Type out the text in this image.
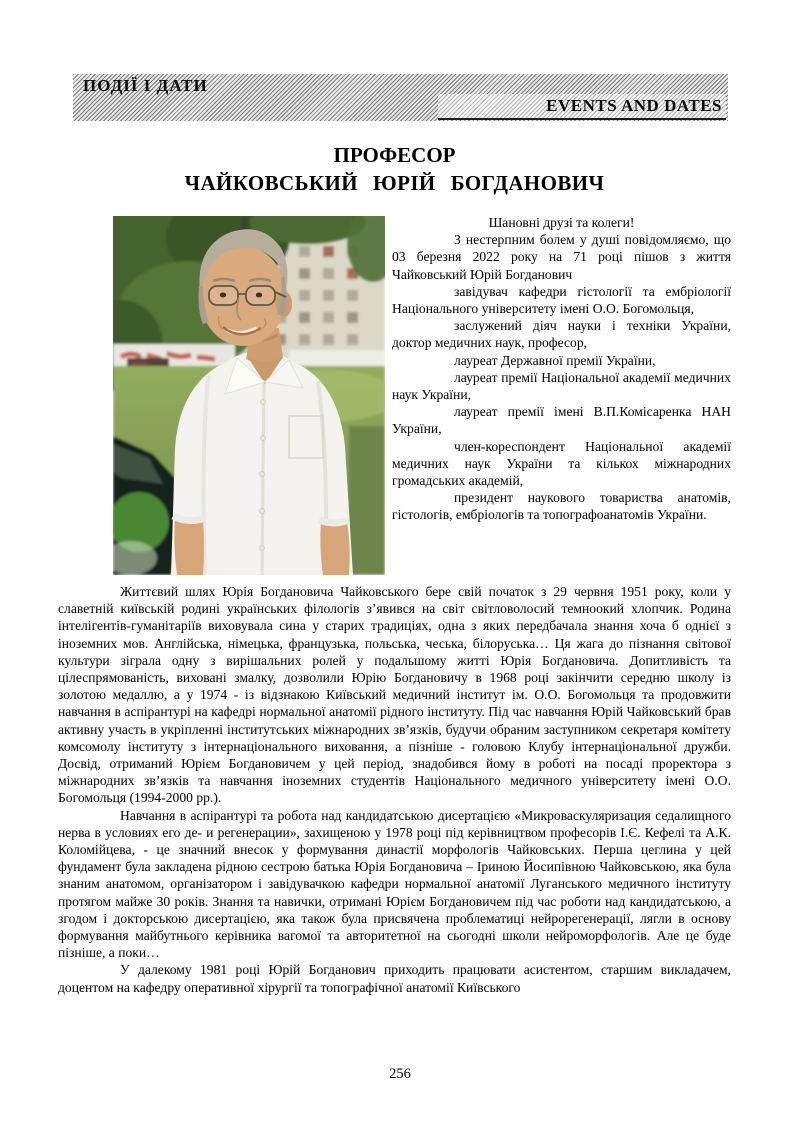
ПОДІЇ І ДАТИ
EVENTS AND DATES
ПРОФЕСОР
ЧАЙКОВСЬКИЙ ЮРІЙ БОГДАНОВИЧ

Шановні друзі та колеги!

З нестерпним болем у душі повідомляємо, що 03 березня 2022 року на 71 році пішов з життя Чайковський Юрій Богданович

завідувач кафедри гістології та ембріології Національного університету імені О.О. Богомольця,

заслужений діяч науки і техніки України, доктор медичних наук, професор,

лауреат Державної премії України,

лауреат премії Національної академії медичних наук України,

лауреат премії імені В.П.Комісаренка НАН України,

член-кореспондент Національної академії медичних наук України та кількох міжнародних громадських академій,

президент наукового товариства анатомів, гістологів, ембріологів та топографоанатомів України.

Життєвий шлях Юрія Богдановича Чайковського бере свій початок з 29 червня 1951 року, коли у славетній київській родині українських філологів з’явився на світ світловолосий темноокий хлопчик. Родина інтелігентів-гуманітаріїв виховувала сина у старих традиціях, одна з яких передбачала знання хоча б однієї з іноземних мов. Англійська, німецька, французька, польська, чеська, білоруська… Ця жага до пізнання світової культури зіграла одну з вирішальних ролей у подальшому житті Юрія Богдановича. Допитливість та цілеспрямованість, виховані змалку, дозволили Юрію Богдановичу в 1968 році закінчити середню школу із золотою медаллю, а у 1974 - із відзнакою Київський медичний інститут ім. О.О. Богомольця та продовжити навчання в аспірантурі на кафедрі нормальної анатомії рідного інституту. Під час навчання Юрій Чайковський брав активну участь в укріпленні інститутських міжнародних зв’язків, будучи обраним заступником секретаря комітету комсомолу інституту з інтернаціонального виховання, а пізніше - головою Клубу інтернаціональної дружби. Досвід, отриманий Юрієм Богдановичем у цей період, знадобився йому в роботі на посаді проректора з міжнародних зв’язків та навчання іноземних студентів Національного медичного університету імені О.О. Богомольця (1994-2000 рр.).

Навчання в аспірантурі та робота над кандидатською дисертацією «Микроваскуляризация седалищного нерва в условиях его де- и регенерации», захищеною у 1978 році під керівництвом професорів І.Є. Кефелі та А.К. Коломійцева, - це значний внесок у формування династії морфологів Чайковських. Перша цеглина у цей фундамент була закладена рідною сестрою батька Юрія Богдановича – Іриною Йосипівною Чайковською, яка була знаним анатомом, організатором і завідувачкою кафедри нормальної анатомії Луганського медичного інституту протягом майже 30 років. Знання та навички, отримані Юрієм Богдановичем під час роботи над кандидатською, а згодом і докторською дисертацією, яка також була присвячена проблематиці нейрорегенерації, лягли в основу формування майбутнього керівника вагомої та авторитетної на сьогодні школи нейроморфологів. Але це буде пізніше, а поки…

У далекому 1981 році Юрій Богданович приходить працювати асистентом, старшим викладачем, доцентом на кафедру оперативної хірургії та топографічної анатомії Київського

256
